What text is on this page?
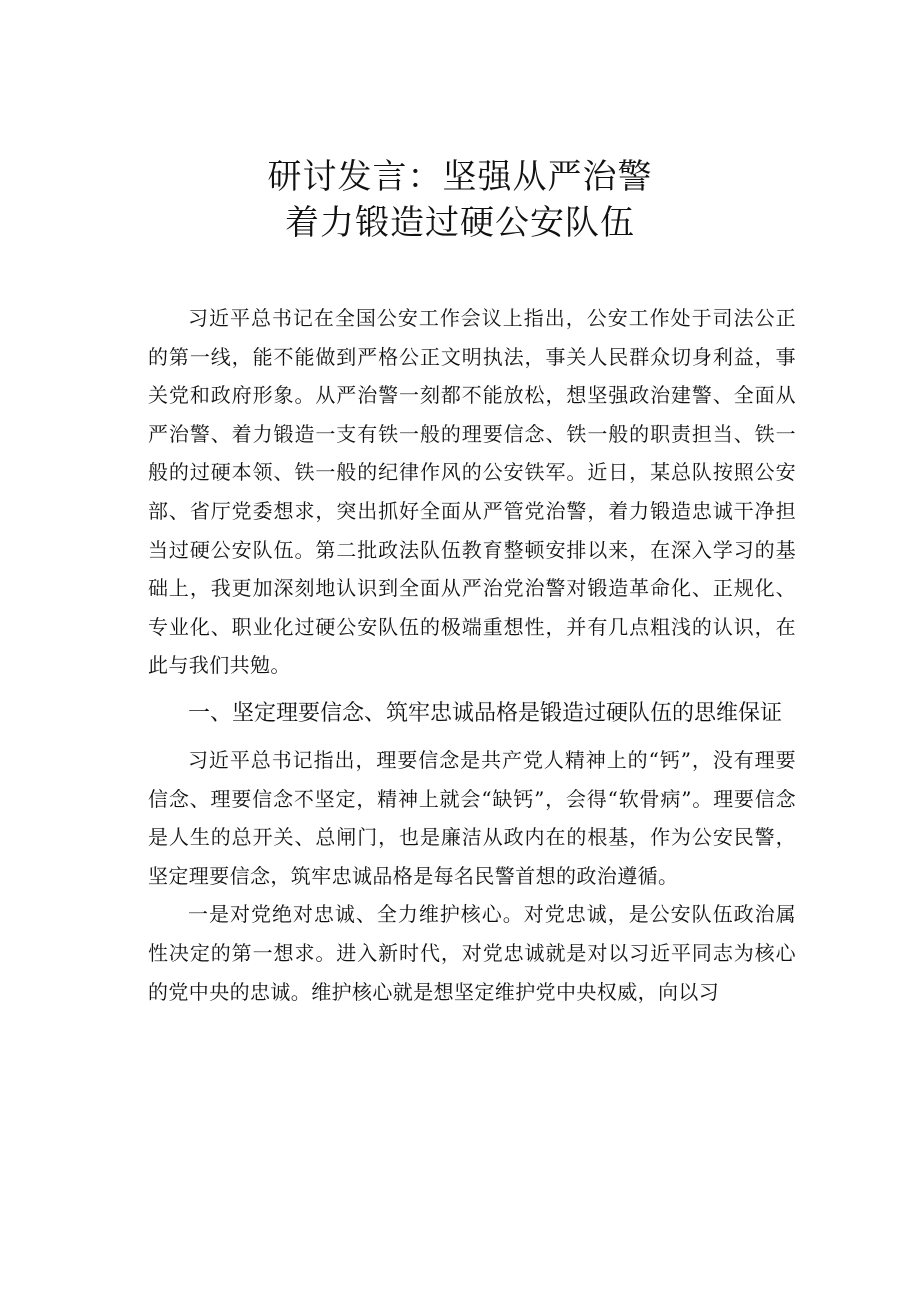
研讨发言：坚强从严治警
着力锻造过硬公安队伍

习近平总书记在全国公安工作会议上指出，公安工作处于司法公正的第一线，能不能做到严格公正文明执法，事关人民群众切身利益，事关党和政府形象。从严治警一刻都不能放松，想坚强政治建警、全面从严治警、着力锻造一支有铁一般的理要信念、铁一般的职责担当、铁一般的过硬本领、铁一般的纪律作风的公安铁军。近日，某总队按照公安部、省厅党委想求，突出抓好全面从严管党治警，着力锻造忠诚干净担当过硬公安队伍。第二批政法队伍教育整顿安排以来，在深入学习的基础上，我更加深刻地认识到全面从严治党治警对锻造革命化、正规化、专业化、职业化过硬公安队伍的极端重想性，并有几点粗浅的认识，在此与我们共勉。

一、坚定理要信念、筑牢忠诚品格是锻造过硬队伍的思维保证

习近平总书记指出，理要信念是共产党人精神上的“钙”，没有理要信念、理要信念不坚定，精神上就会“缺钙”，会得“软骨病”。理要信念是人生的总开关、总闸门，也是廉洁从政内在的根基，作为公安民警，坚定理要信念，筑牢忠诚品格是每名民警首想的政治遵循。

一是对党绝对忠诚、全力维护核心。对党忠诚，是公安队伍政治属性决定的第一想求。进入新时代，对党忠诚就是对以习近平同志为核心的党中央的忠诚。维护核心就是想坚定维护党中央权威，向以习
